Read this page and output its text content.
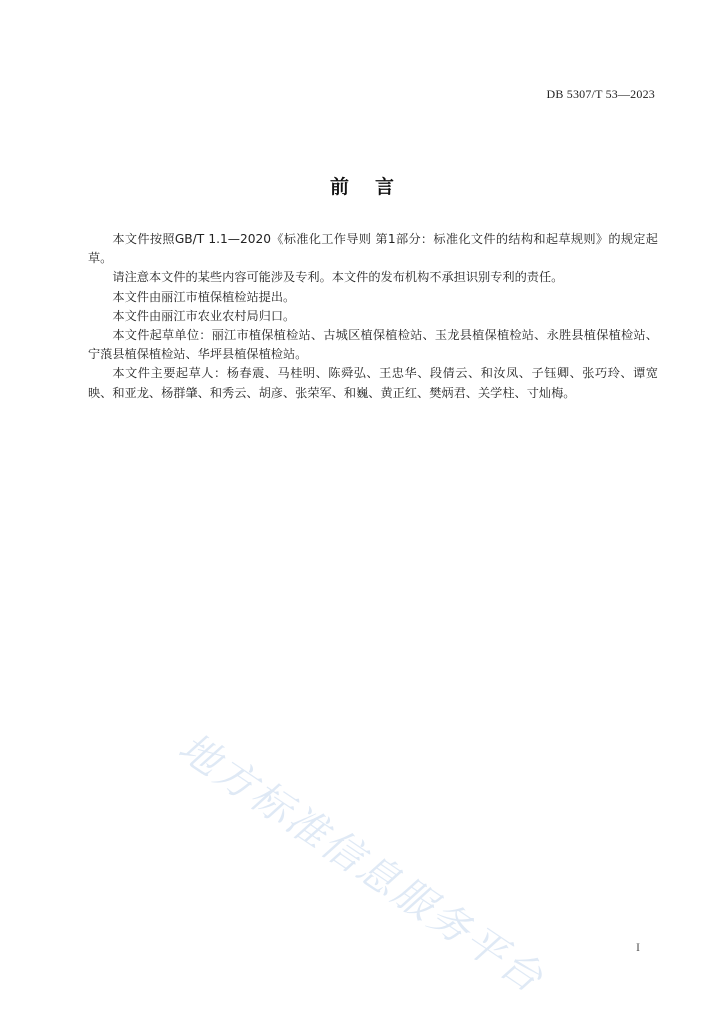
DB 5307/T 53—2023
前言

本文件按照GB/T 1.1—2020《标准化工作导则 第1部分：标准化文件的结构和起草规则》的规定起草。

请注意本文件的某些内容可能涉及专利。本文件的发布机构不承担识别专利的责任。

本文件由丽江市植保植检站提出。

本文件由丽江市农业农村局归口。

本文件起草单位：丽江市植保植检站、古城区植保植检站、玉龙县植保植检站、永胜县植保植检站、宁蒗县植保植检站、华坪县植保植检站。

本文件主要起草人：杨春震、马桂明、陈舜弘、王忠华、段倩云、和汝凤、子钰卿、张巧玲、谭宽映、和亚龙、杨群肇、和秀云、胡彦、张荣军、和巍、黄正红、樊炳君、关学柱、寸灿梅。

地方标准信息服务平台	I
